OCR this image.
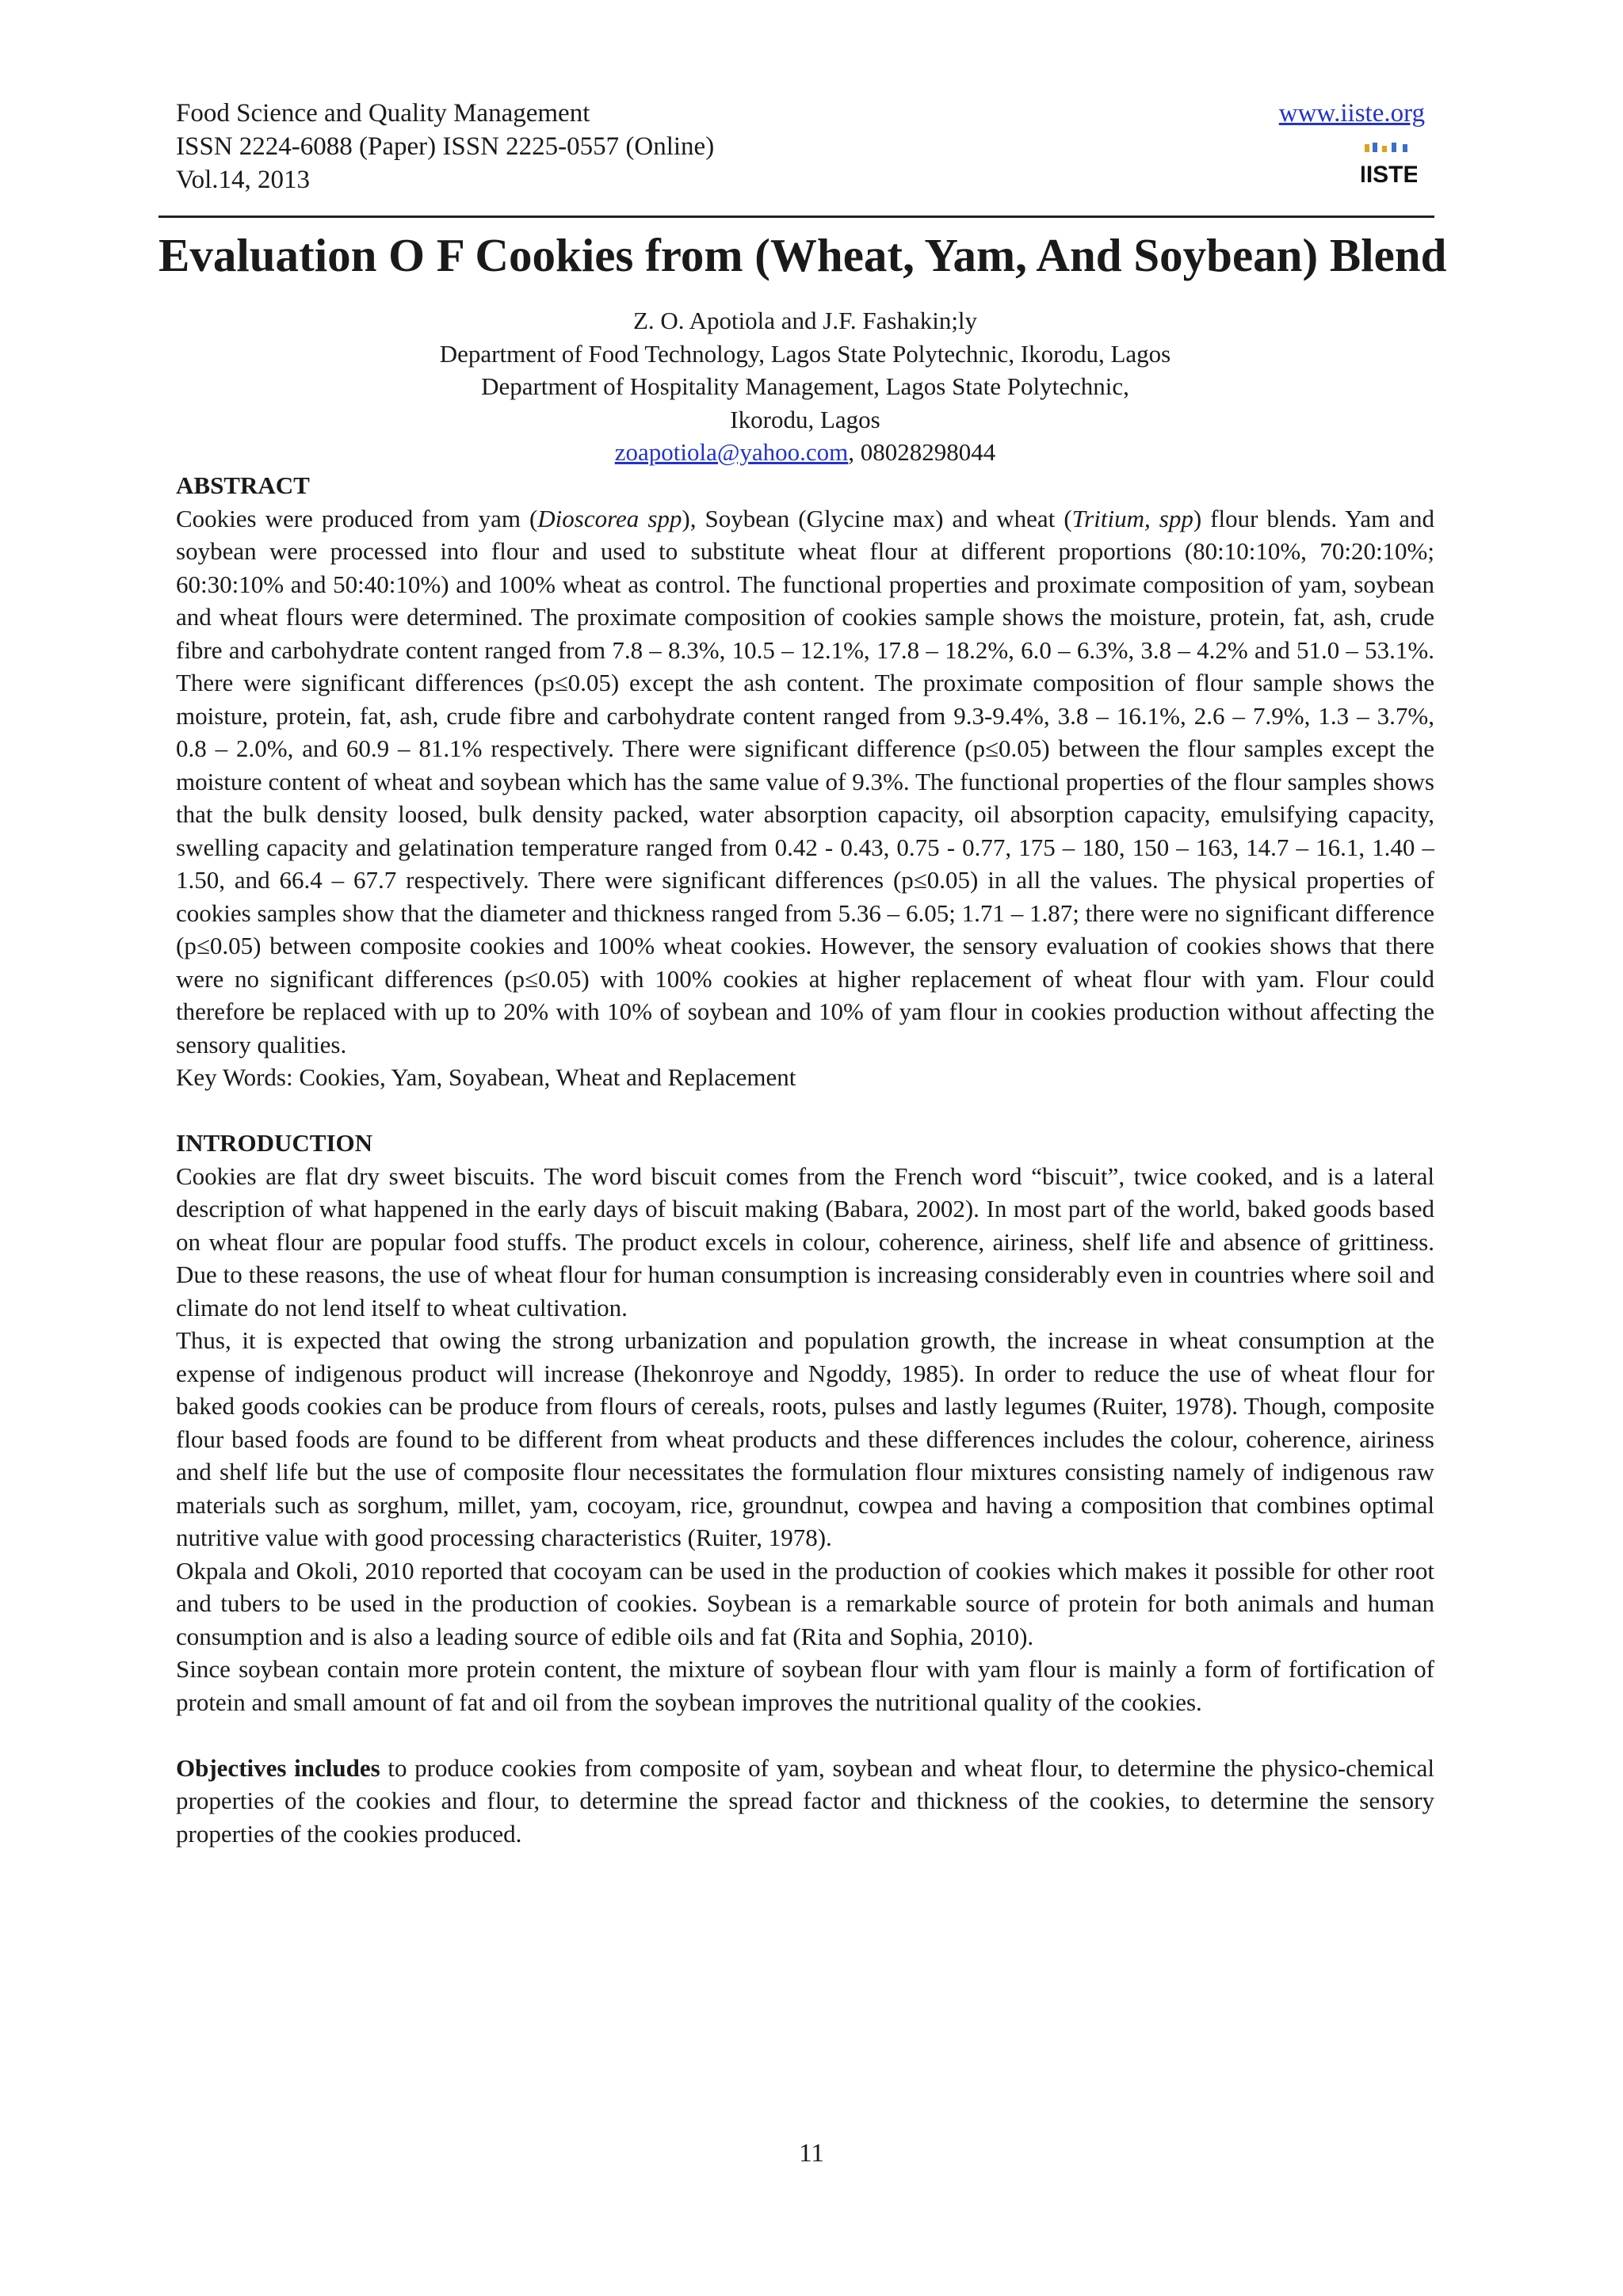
Food Science and Quality Management
ISSN 2224-6088 (Paper) ISSN 2225-0557 (Online)
Vol.14, 2013
www.iiste.org
IISTE
Evaluation O F Cookies from (Wheat, Yam, And Soybean) Blend
Z. O. Apotiola and J.F. Fashakin;ly
Department of Food Technology, Lagos State Polytechnic, Ikorodu, Lagos
Department of Hospitality Management, Lagos State Polytechnic,
Ikorodu, Lagos
zoapotiola@yahoo.com, 08028298044

ABSTRACT

Cookies were produced from yam (Dioscorea spp), Soybean (Glycine max) and wheat (Tritium, spp) flour blends. Yam and soybean were processed into flour and used to substitute wheat flour at different proportions (80:10:10%, 70:20:10%; 60:30:10% and 50:40:10%) and 100% wheat as control. The functional properties and proximate composition of yam, soybean and wheat flours were determined. The proximate composition of cookies sample shows the moisture, protein, fat, ash, crude fibre and carbohydrate content ranged from 7.8 – 8.3%, 10.5 – 12.1%, 17.8 – 18.2%, 6.0 – 6.3%, 3.8 – 4.2% and 51.0 – 53.1%. There were significant differences (p≤0.05) except the ash content. The proximate composition of flour sample shows the moisture, protein, fat, ash, crude fibre and carbohydrate content ranged from 9.3-9.4%, 3.8 – 16.1%, 2.6 – 7.9%, 1.3 – 3.7%, 0.8 – 2.0%, and 60.9 – 81.1% respectively. There were significant difference (p≤0.05) between the flour samples except the moisture content of wheat and soybean which has the same value of 9.3%. The functional properties of the flour samples shows that the bulk density loosed, bulk density packed, water absorption capacity, oil absorption capacity, emulsifying capacity, swelling capacity and gelatination temperature ranged from 0.42 - 0.43, 0.75 - 0.77, 175 – 180, 150 – 163, 14.7 – 16.1, 1.40 – 1.50, and 66.4 – 67.7 respectively. There were significant differences (p≤0.05) in all the values. The physical properties of cookies samples show that the diameter and thickness ranged from 5.36 – 6.05; 1.71 – 1.87; there were no significant difference (p≤0.05) between composite cookies and 100% wheat cookies. However, the sensory evaluation of cookies shows that there were no significant differences (p≤0.05) with 100% cookies at higher replacement of wheat flour with yam. Flour could therefore be replaced with up to 20% with 10% of soybean and 10% of yam flour in cookies production without affecting the sensory qualities.

Key Words: Cookies, Yam, Soyabean, Wheat and Replacement

INTRODUCTION

Cookies are flat dry sweet biscuits. The word biscuit comes from the French word “biscuit”, twice cooked, and is a lateral description of what happened in the early days of biscuit making (Babara, 2002). In most part of the world, baked goods based on wheat flour are popular food stuffs. The product excels in colour, coherence, airiness, shelf life and absence of grittiness. Due to these reasons, the use of wheat flour for human consumption is increasing considerably even in countries where soil and climate do not lend itself to wheat cultivation.

Thus, it is expected that owing the strong urbanization and population growth, the increase in wheat consumption at the expense of indigenous product will increase (Ihekonroye and Ngoddy, 1985). In order to reduce the use of wheat flour for baked goods cookies can be produce from flours of cereals, roots, pulses and lastly legumes (Ruiter, 1978). Though, composite flour based foods are found to be different from wheat products and these differences includes the colour, coherence, airiness and shelf life but the use of composite flour necessitates the formulation flour mixtures consisting namely of indigenous raw materials such as sorghum, millet, yam, cocoyam, rice, groundnut, cowpea and having a composition that combines optimal nutritive value with good processing characteristics (Ruiter, 1978).

Okpala and Okoli, 2010 reported that cocoyam can be used in the production of cookies which makes it possible for other root and tubers to be used in the production of cookies. Soybean is a remarkable source of protein for both animals and human consumption and is also a leading source of edible oils and fat (Rita and Sophia, 2010).

Since soybean contain more protein content, the mixture of soybean flour with yam flour is mainly a form of fortification of protein and small amount of fat and oil from the soybean improves the nutritional quality of the cookies.

Objectives includes to produce cookies from composite of yam, soybean and wheat flour, to determine the physico-chemical properties of the cookies and flour, to determine the spread factor and thickness of the cookies, to determine the sensory properties of the cookies produced.

11
